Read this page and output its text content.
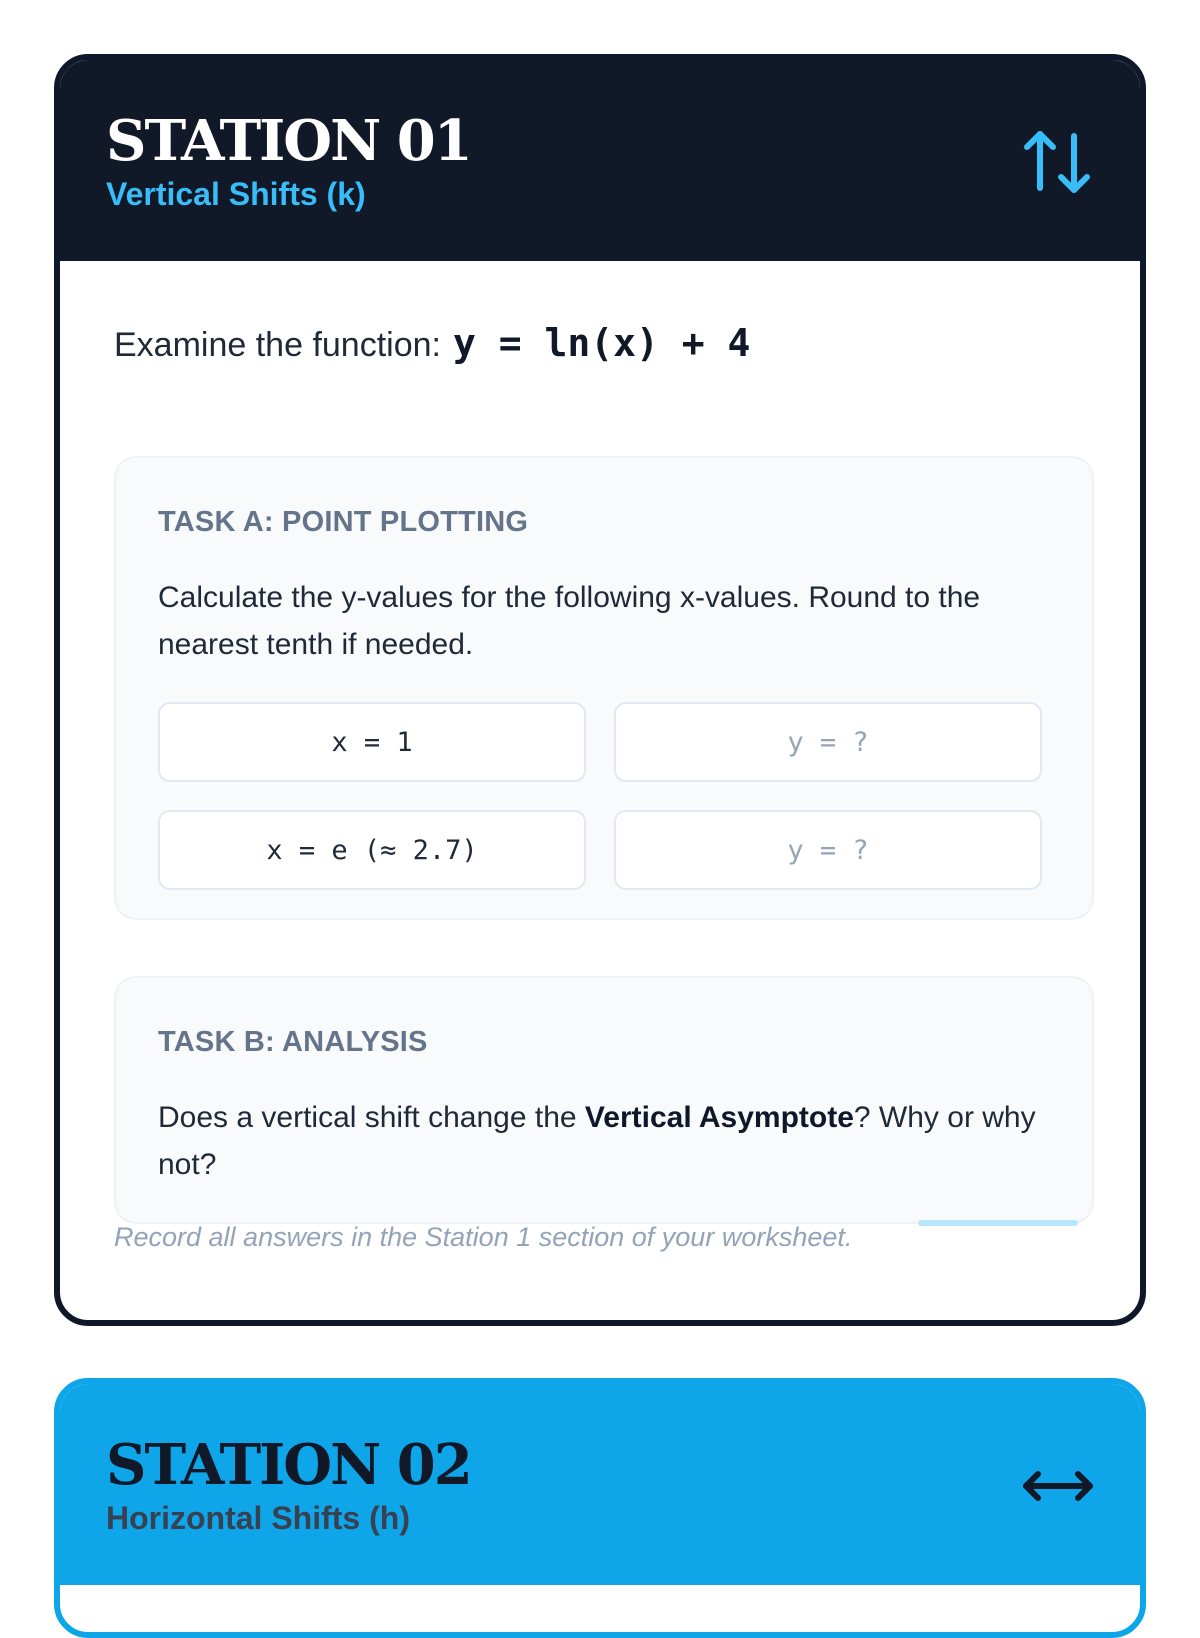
STATION 01
Vertical Shifts (k)
Examine the function: y = ln(x) + 4
TASK A: POINT PLOTTING
Calculate the y-values for the following x-values. Round to the nearest tenth if needed.
x = 1	y = ?
x = e (≈ 2.7)	y = ?
TASK B: ANALYSIS
Does a vertical shift change the Vertical Asymptote? Why or why not?
Record all answers in the Station 1 section of your worksheet.
STATION 02
Horizontal Shifts (h)
